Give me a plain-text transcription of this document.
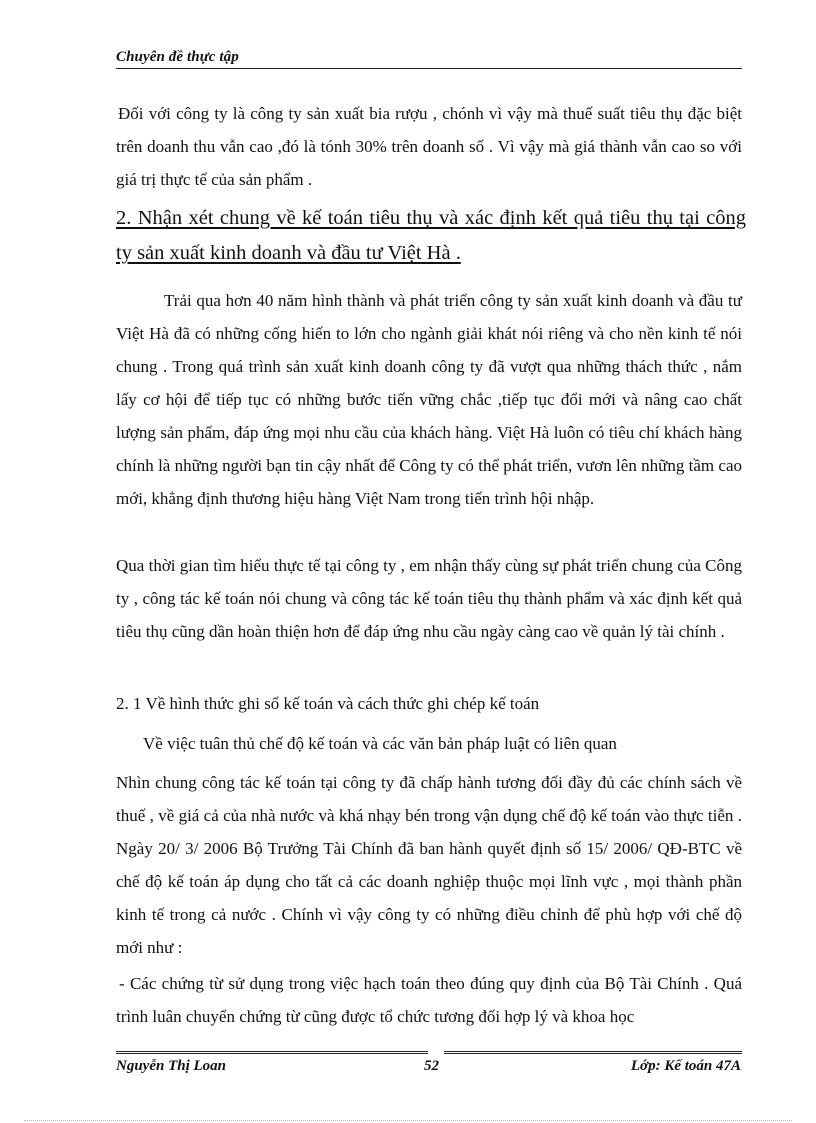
Chuyên đề thực tập
Đối với công ty là công ty sản xuất bia rượu , chónh vì vậy mà thuế suất tiêu thụ đặc biệt trên doanh thu vẫn cao ,đó là tónh 30% trên doanh số . Vì vậy mà giá thành vẫn cao so với giá trị thực tế của sản phẩm .
2. Nhận xét chung về kế toán tiêu thụ và xác định kết quả tiêu thụ tại công ty sản xuất kinh doanh và đầu tư Việt Hà .
Trải qua hơn 40 năm hình thành và phát triển công ty sản xuất kinh doanh và đầu tư Việt Hà đã có những cống hiến to lớn cho ngành giải khát nói riêng và cho nền kinh tế nói chung . Trong quá trình sản xuất kinh doanh công ty đã vượt qua những thách thức , nắm lấy cơ hội để tiếp tục có những bước tiến vững chắc ,tiếp tục đổi mới và nâng cao chất lượng sản phẩm, đáp ứng mọi nhu cầu của khách hàng. Việt Hà luôn có tiêu chí khách hàng chính là những người bạn tin cậy nhất để Công ty có thể phát triển, vươn lên những tầm cao mới, khẳng định thương hiệu hàng Việt Nam trong tiến trình hội nhập.
Qua thời gian tìm hiểu thực tế tại công ty , em nhận thấy cùng sự phát triển chung của Công ty , công tác kế toán nói chung và công tác kế toán tiêu thụ thành phẩm và xác định kết quả tiêu thụ cũng dần hoàn thiện hơn để đáp ứng nhu cầu ngày càng cao về quản lý tài chính .
2. 1 Về hình thức ghi sổ kế toán và cách thức ghi chép kế toán
Về việc tuân thủ chế độ kế toán và các văn bản pháp luật có liên quan
Nhìn chung công tác kế toán tại công ty đã chấp hành tương đối đầy đủ các chính sách về thuế , về giá cả của nhà nước và khá nhạy bén trong vận dụng chế độ kế toán vào thực tiễn . Ngày 20/ 3/ 2006 Bộ Trưởng Tài Chính đã ban hành quyết định số 15/ 2006/ QĐ-BTC về chế độ kế toán áp dụng cho tất cả các doanh nghiệp thuộc mọi lĩnh vực , mọi thành phần kinh tế trong cả nước . Chính vì vậy công ty có những điều chỉnh để phù hợp với chế độ mới như :
- Các chứng từ sử dụng trong việc hạch toán theo đúng quy định của Bộ Tài Chính . Quá trình luân chuyển chứng từ cũng được tổ chức tương đối hợp lý và khoa học
Nguyễn Thị Loan	52	Lớp: Kế toán 47A
